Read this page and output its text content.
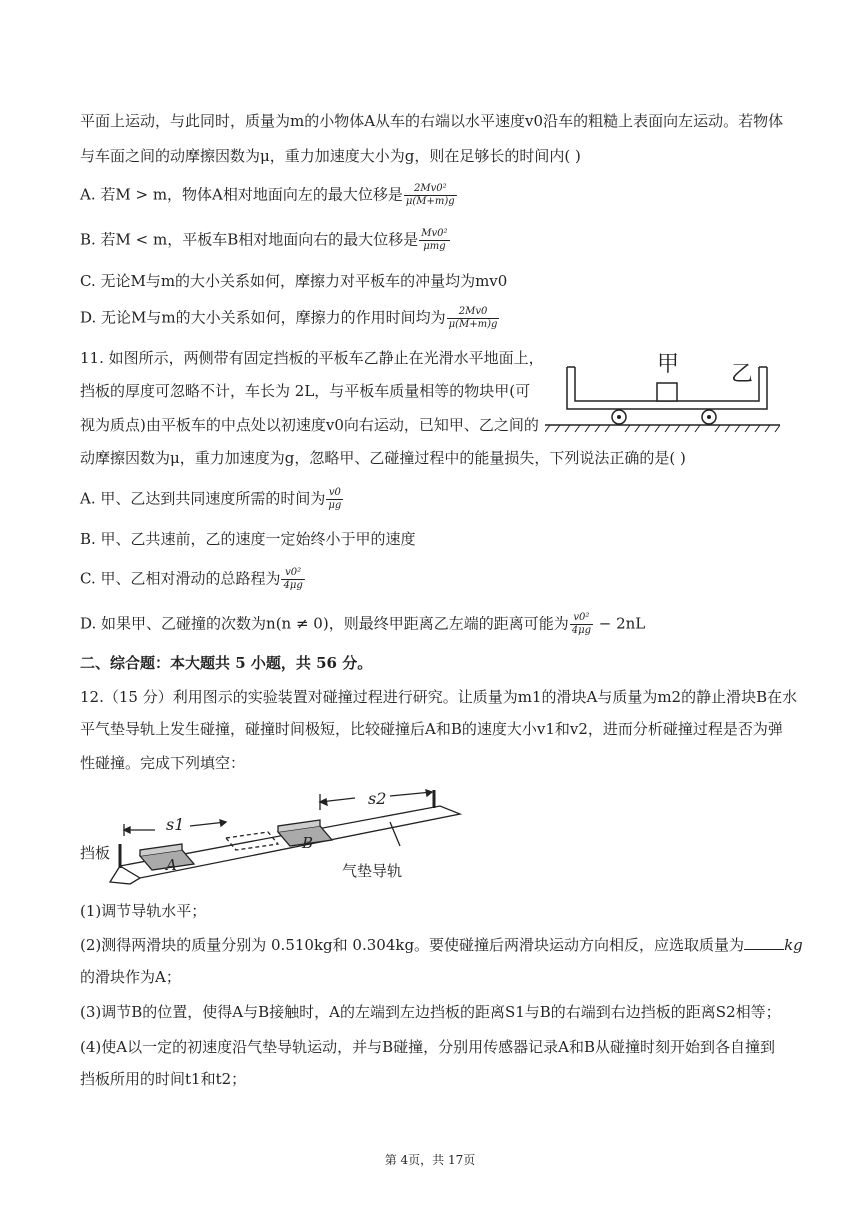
平面上运动，与此同时，质量为m的小物体A从车的右端以水平速度v0沿车的粗糙上表面向左运动。若物体
与车面之间的动摩擦因数为μ，重力加速度大小为g，则在足够长的时间内( )
A. 若M > m，物体A相对地面向左的最大位移是 $\frac{\text{2Mv0²}}{\mu(M+m)g}$
B. 若M < m，平板车B相对地面向右的最大位移是 $\frac{\text{Mv0²}}{\text{μmg}}$
C. 无论M与m的大小关系如何，摩擦力对平板车的冲量均为mv0
D. 无论M与m的大小关系如何，摩擦力的作用时间均为 $\frac{2Mv0}{\mu(M+m)g}$
11. 如图所示，两侧带有固定挡板的平板车乙静止在光滑水平地面上，
挡板的厚度可忽略不计，车长为 2L，与平板车质量相等的物块甲(可
视为质点)由平板车的中点处以初速度v0向右运动，已知甲、乙之间的
动摩擦因数为μ，重力加速度为g，忽略甲、乙碰撞过程中的能量损失，下列说法正确的是( )
甲 乙
A. 甲、乙达到共同速度所需的时间为 $\frac{v0}{\mu g}$
B. 甲、乙共速前，乙的速度一定始终小于甲的速度
C. 甲、乙相对滑动的总路程为 $\frac{\text{v0²}}{4\mu g}$
D. 如果甲、乙碰撞的次数为n(n ≠ 0)，则最终甲距离乙左端的距离可能为 $\frac{\text{v0²}}{4\mu g} - 2nL$
二、综合题：本大题共 5 小题，共 56 分。
12.（15 分）利用图示的实验装置对碰撞过程进行研究。让质量为m1的滑块A与质量为m2的静止滑块B在水
平气垫导轨上发生碰撞，碰撞时间极短，比较碰撞后A和B的速度大小v1和v2，进而分析碰撞过程是否为弹
性碰撞。完成下列填空：
s1
s2
挡板
A
B
气垫导轨
(1)调节导轨水平；
(2)测得两滑块的质量分别为 0.510kg和 0.304kg。要使碰撞后两滑块运动方向相反，应选取质量为	kg
的滑块作为A；
(3)调节B的位置，使得A与B接触时，A的左端到左边挡板的距离S1与B的右端到右边挡板的距离S2相等；
(4)使A以一定的初速度沿气垫导轨运动，并与B碰撞，分别用传感器记录A和B从碰撞时刻开始到各自撞到
挡板所用的时间t1和t2；
第 4页，共 17页
